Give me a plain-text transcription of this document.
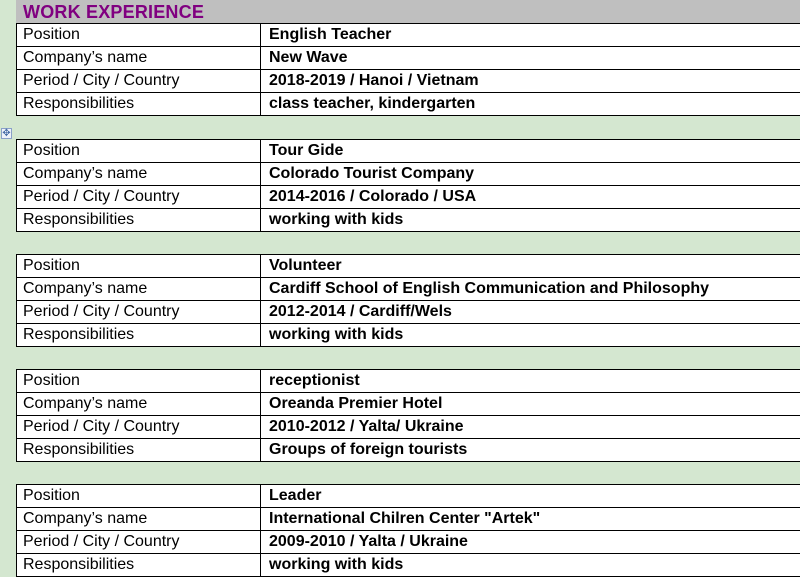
WORK EXPERIENCE
✥
Position	English Teacher
Company’s name	New Wave
Period / City / Country	2018-2019 / Hanoi / Vietnam
Responsibilities	class teacher, kindergarten
Position	Tour Gide
Company’s name	Colorado Tourist Company
Period / City / Country	2014-2016 / Colorado / USA
Responsibilities	working with kids
Position	Volunteer
Company’s name	Cardiff School of English Communication and Philosophy
Period / City / Country	2012-2014 / Cardiff/Wels
Responsibilities	working with kids
Position	receptionist
Company’s name	Oreanda Premier Hotel
Period / City / Country	2010-2012 / Yalta/ Ukraine
Responsibilities	Groups of foreign tourists
Position	Leader
Company’s name	International Chilren Center "Artek"
Period / City / Country	2009-2010 / Yalta / Ukraine
Responsibilities	working with kids
